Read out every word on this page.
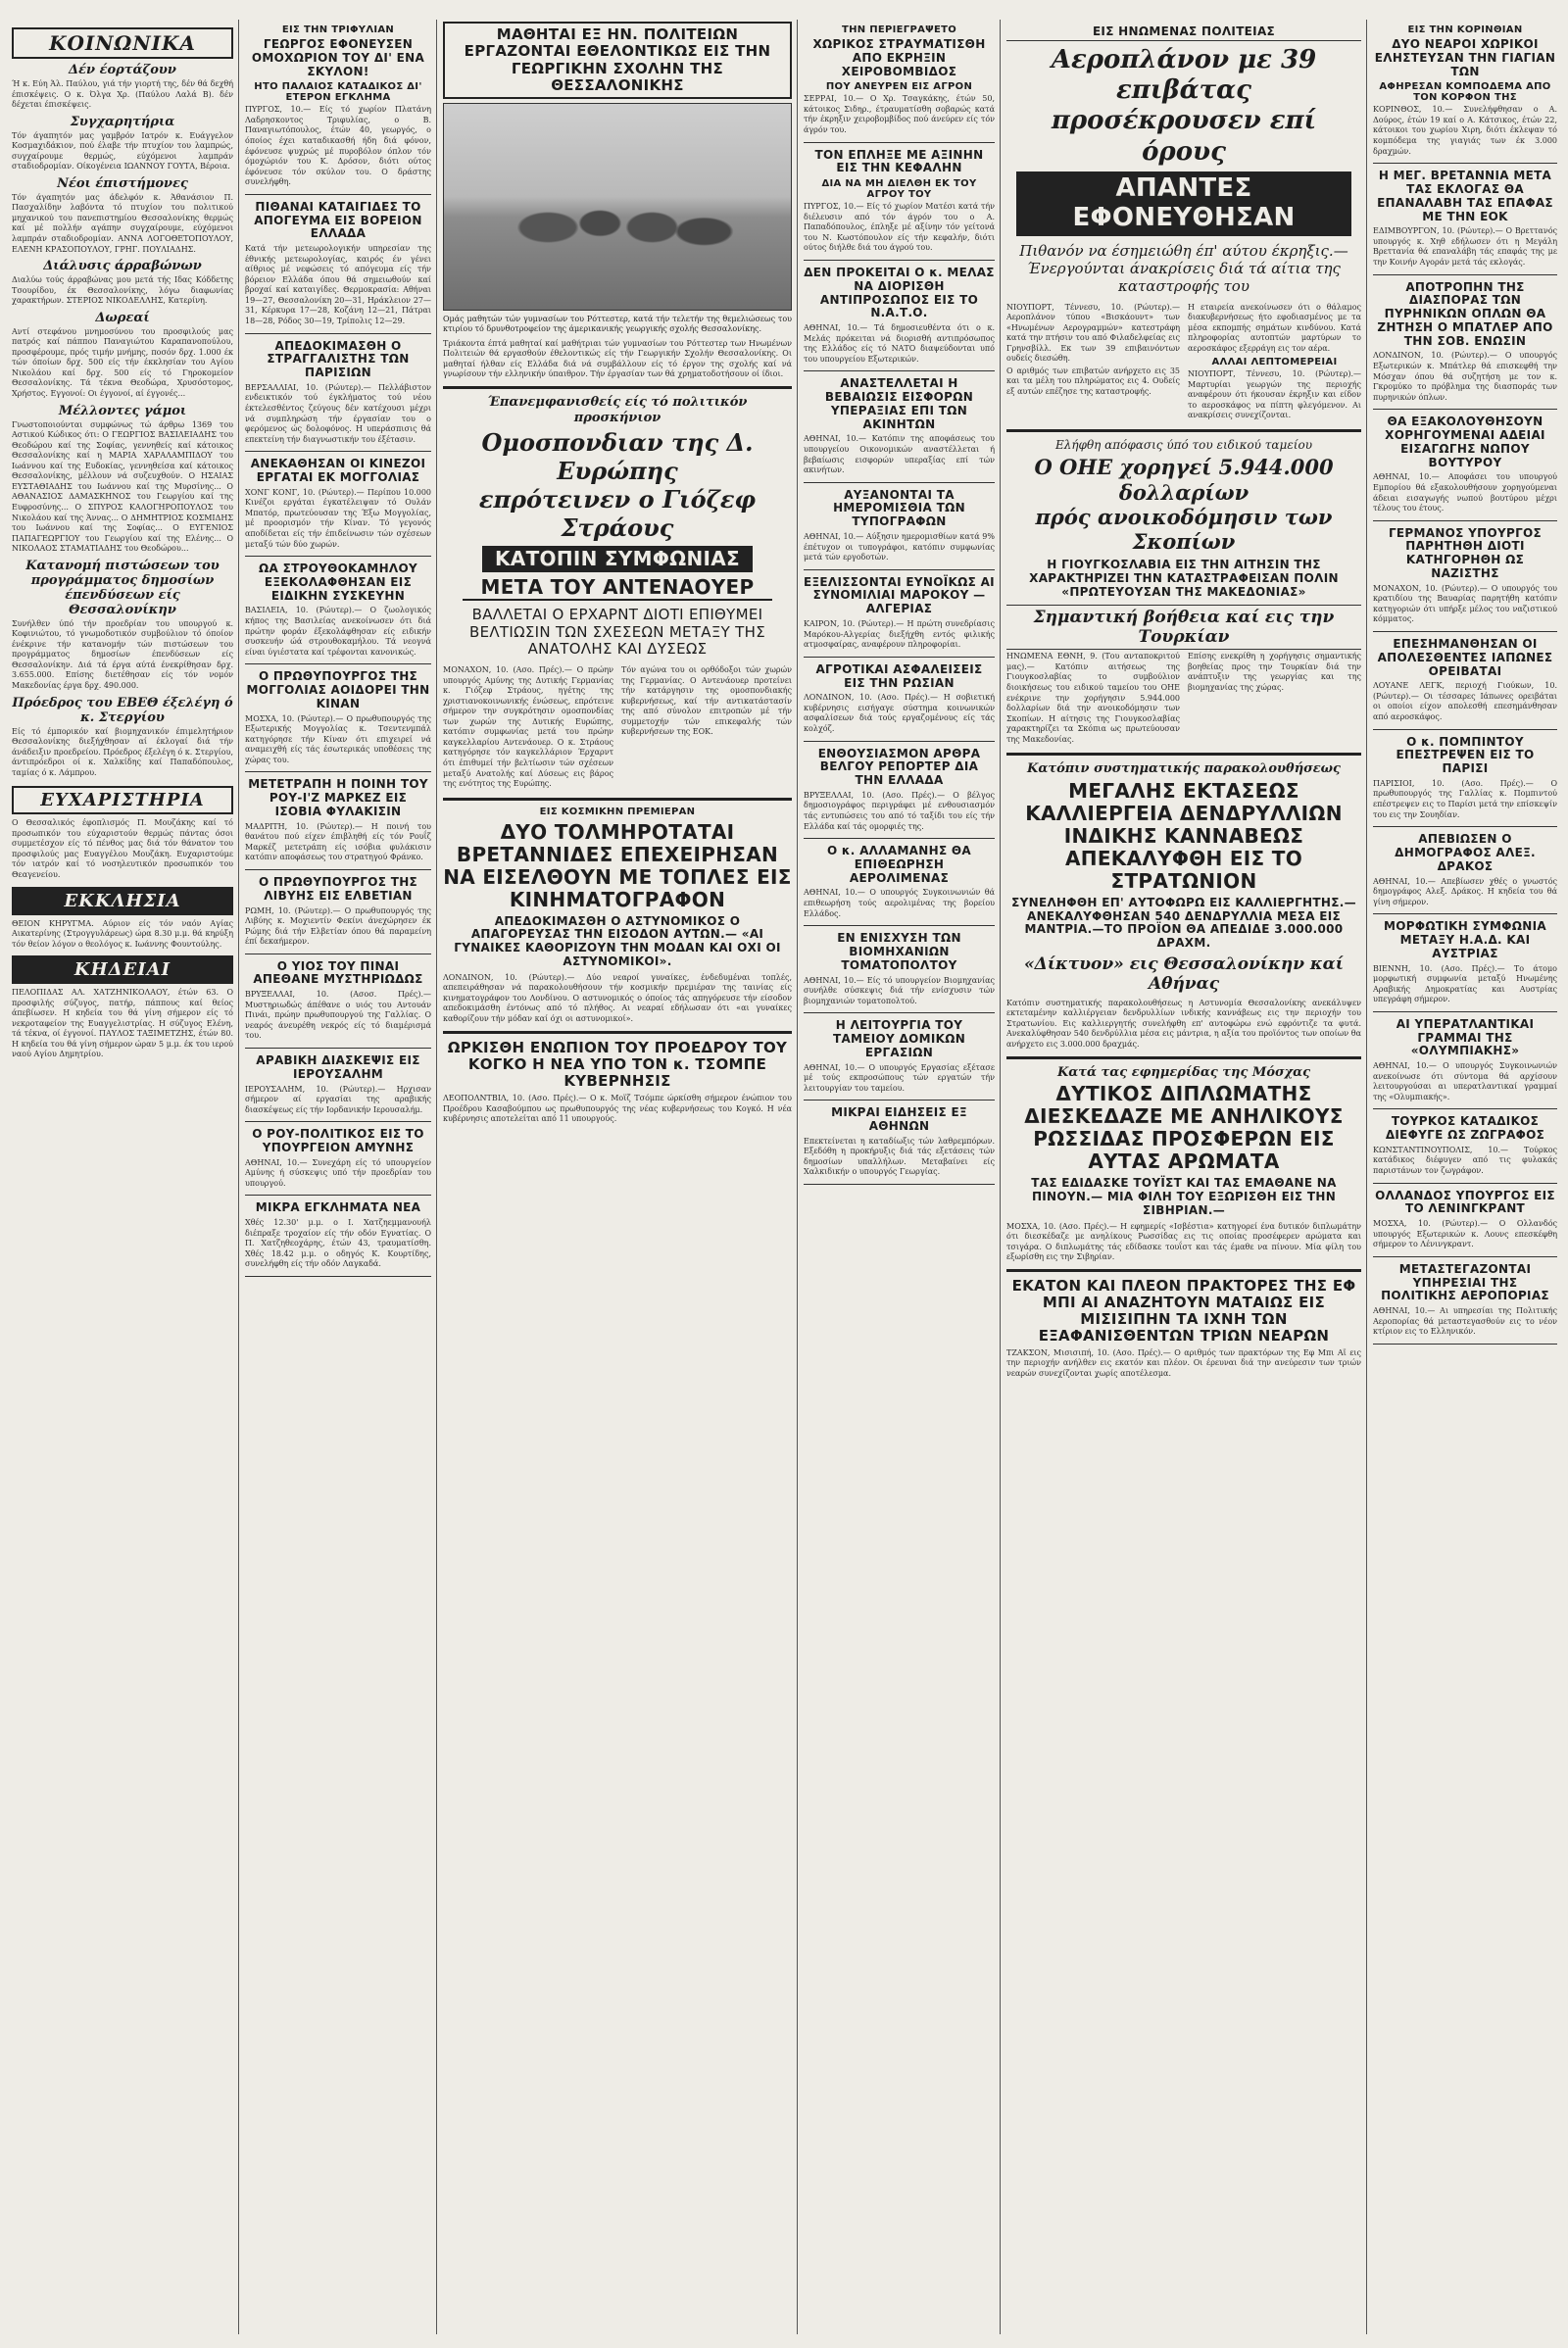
ΚΟΙΝΩΝΙΚΑ
Δέν έορτάζουν
Ή κ. Εύη Άλ. Παύλου, γιά τήν γιορτή της, δέν θά δεχθή έπισκέψεις. Ο κ. Όλγα Χρ. (Παύλου Λαλά Β). δέν δέχεται έπισκέψεις.
Συγχαρητήρια
Τόν άγαπητόν μας γαμβρόν Ιατρόν κ. Ευάγγελον Κοσμαχιδάκιον, πού έλαβε τήν πτυχίον του λαμπρώς, συγχαίρουμε θερμώς, εύχόμενοι λαμπράν σταδιοδρομίαν. Οίκογένεια ΙΩΑΝΝΟΥ ΓΟΥΤΑ, Βέροια.
Νέοι έπιστήμονες
Τόν άγαπητόν μας άδελφόν κ. Άθανάσιον Π. Πασχαλίδην λαβόντα τό πτυχίον του πολιτικού μηχανικού του πανεπιστημίου Θεσσαλονίκης θερμώς καί μέ πολλήν αγάπην συγχαίρουμε, εύχόμενοι λαμπράν σταδιοδρομίαν. ΑΝΝΑ ΛΟΓΟΘΕΤΟΠΟΥΛΟΥ, ΕΛΕΝΗ ΚΡΑΣΟΠΟΥΛΟΥ, ΓΡΗΓ. ΠΟΥΛΙΑΔΗΣ.
Διάλυσις άρραβώνων
Διαλύω τούς άρραβώνας μου μετά τής Ιδας Κόδδετης Τσουρίδου, έκ Θεσσαλονίκης, λόγω διαφωνίας χαρακτήρων. ΣΤΕΡΙΟΣ ΝΙΚΟΔΕΛΛΗΣ, Κατερίνη.
Δωρεαί
Αντί στεφάνου μνημοσύνου του προσφιλούς μας πατρός καί πάππου Παναγιώτου Καραπανοπούλου, προσφέρουμε, πρός τιμήν μνήμης, ποσόν δρχ. 1.000 έκ τών όποίων δρχ. 500 είς τήν έκκλησίαν του Αγίου Νικολάου καί δρχ. 500 είς τό Γηροκομείον Θεσσαλονίκης. Τά τέκνα Θεοδώρα, Χρυσόστομος, Χρήστος. Εγγονοί: Οι έγγονοί, αί έγγονές...
Μέλλοντες γάμοι
Γνωστοποιούνται συμφώνως τώ άρθρω 1369 του Αστικού Κώδικος ότι: Ο ΓΕΩΡΓΙΟΣ ΒΑΣΙΛΕΙΑΔΗΣ του Θεοδώρου καί της Σοφίας, γεννηθείς καί κάτοικος Θεσσαλονίκης καί η ΜΑΡΙΑ ΧΑΡΑΛΑΜΠΙΔΟΥ του Ιωάννου καί της Ευδοκίας, γεννηθείσα καί κάτοικος Θεσσαλονίκης, μέλλουν νά συζευχθούν. Ο ΗΣΑΙΑΣ ΕΥΣΤΑΘΙΑΔΗΣ του Ιωάννου καί της Μυρσίνης... Ο ΑΘΑΝΑΣΙΟΣ ΔΑΜΑΣΚΗΝΟΣ του Γεωργίου καί της Ευφροσύνης... Ο ΣΠΥΡΟΣ ΚΑΛΟΓΗΡΟΠΟΥΛΟΣ του Νικολάου καί της Άννας... Ο ΔΗΜΗΤΡΙΟΣ ΚΟΣΜΙΔΗΣ του Ιωάννου καί της Σοφίας... Ο ΕΥΓΕΝΙΟΣ ΠΑΠΑΓΕΩΡΓΙΟΥ του Γεωργίου καί της Ελένης... Ο ΝΙΚΟΛΑΟΣ ΣΤΑΜΑΤΙΑΔΗΣ του Θεοδώρου...
Κατανομή πιστώσεων του προγράμματος δημοσίων έπενδύσεων είς Θεσσαλονίκην
Συνήλθεν ύπό τήν προεδρίαν του υπουργού κ. Κοφινιώτου, τό γνωμοδοτικόν συμβούλιον τό όποίον ένέκρινε τήν κατανομήν τών πιστώσεων του προγράμματος δημοσίων έπενδύσεων είς Θεσσαλονίκην. Διά τά έργα αύτά ένεκρίθησαν δρχ. 3.655.000. Επίσης διετέθησαν είς τόν νομόν Μακεδονίας έργα δρχ. 490.000.
Πρόεδρος του ΕΒΕΘ έξελέγη ό κ. Στεργίου
Είς τό έμπορικόν καί βιομηχανικόν έπιμελητήριον Θεσσαλονίκης διεξήχθησαν αί έκλογαί διά τήν άνάδειξιν προεδρείου. Πρόεδρος έξελέγη ό κ. Στεργίου, άντιπρόεδροι οί κ. Χαλκίδης καί Παπαδόπουλος, ταμίας ό κ. Λάμπρου.
ΕΥΧΑΡΙΣΤΗΡΙΑ
Ο Θεσσαλικός έφοπλισμός Π. Μουζάκης καί τό προσωπικόν του εύχαριστούν θερμώς πάντας όσοι συμμετέσχον είς τό πένθος μας διά τόν θάνατον του προσφιλούς μας Ευαγγέλου Μουζάκη. Ευχαριστούμε τόν ιατρόν καί τό νοσηλευτικόν προσωπικόν του Θεαγενείου.
ΕΚΚΛΗΣΙΑ
ΘΕΙΟΝ ΚΗΡΥΓΜΑ. Αύριον είς τόν ναόν Αγίας Αικατερίνης (Στρογγυλάρεως) ώρα 8.30 μ.μ. θά κηρύξη τόν θείον λόγον ο θεολόγος κ. Ιωάννης Φουντούλης.
ΚΗΔΕΙΑΙ
ΠΕΛΟΠΙΔΑΣ ΑΛ. ΧΑΤΖΗΝΙΚΟΛΑΟΥ, έτών 63. Ο προσφιλής σύζυγος, πατήρ, πάππους καί θείος άπεβίωσεν. Η κηδεία του θά γίνη σήμερον είς τό νεκροταφείον της Ευαγγελιστρίας. Η σύζυγος Ελένη, τά τέκνα, οί έγγονοί. ΠΑΥΛΟΣ ΤΑΞΙΜΕΤΖΗΣ, έτών 80. Η κηδεία του θά γίνη σήμερον ώραν 5 μ.μ. έκ του ιερού ναού Αγίου Δημητρίου.
ΕΙΣ ΤΗΝ ΤΡΙΦΥΛΙΑΝ
ΓΕΩΡΓΟΣ ΕΦΟΝΕΥΣΕΝ ΟΜΟΧΩΡΙΟΝ ΤΟΥ ΔΙ' ΕΝΑ ΣΚΥΛΟΝ!
ΗΤΟ ΠΑΛΑΙΟΣ ΚΑΤΑΔΙΚΟΣ ΔΙ' ΕΤΕΡΟΝ ΕΓΚΛΗΜΑ
ΠΥΡΓΟΣ, 10.— Είς τό χωρίον Πλατάνη Λαδρησκοντος Τριφυλίας, ο Β. Παναγιωτόπουλος, έτών 40, γεωργός, ο όποίος έχει καταδικασθή ήδη διά φόνον, έφόνευσε ψυχρώς μέ πυροβόλον όπλον τόν όμοχώριόν του Κ. Δρόσον, διότι ούτος έφόνευσε τόν σκύλον του. Ο δράστης συνελήφθη.
ΠΙΘΑΝΑΙ ΚΑΤΑΙΓΙΔΕΣ ΤΟ ΑΠΟΓΕΥΜΑ ΕΙΣ ΒΟΡΕΙΟΝ ΕΛΛΑΔΑ
Κατά τήν μετεωρολογικήν υπηρεσίαν της έθνικής μετεωρολογίας, καιρός έν γένει αίθριος μέ νεφώσεις τό απόγευμα είς τήν βόρειον Ελλάδα όπου θά σημειωθούν καί βροχαί καί καταιγίδες. Θερμοκρασία: Αθήναι 19—27, Θεσσαλονίκη 20—31, Ηράκλειον 27—31, Κέρκυρα 17—28, Κοζάνη 12—21, Πάτραι 18—28, Ρόδος 30—19, Τρίπολις 12—29.
ΑΠΕΔΟΚΙΜΑΣΘΗ Ο ΣΤΡΑΓΓΑΛΙΣΤΗΣ ΤΩΝ ΠΑΡΙΣΙΩΝ
ΒΕΡΣΑΛΛΙΑΙ, 10. (Ρώυτερ).— Πελλάβιστον ενδεικτικόν τού έγκλήματος τού νέου έκτελεσθέντος ζεύγους δέν κατέχουσι μέχρι νά συμπληρώση τήν έργασίαν του ο φερόμενος ώς δολοφόνος. Η υπεράσπισις θά επεκτείνη τήν διαγνωστικήν του έξέτασιν.
ΑΝΕΚΑΘΗΣΑΝ ΟΙ ΚΙΝΕΖΟΙ ΕΡΓΑΤΑΙ ΕΚ ΜΟΓΓΟΛΙΑΣ
ΧΟΝΓ ΚΟΝΓ, 10. (Ρώυτερ).— Περίπου 10.000 Κινέζοι εργάται έγκατέλειψαν τό Ουλάν Μπατόρ, πρωτεύουσαν της Έξω Μογγολίας, μέ προορισμόν τήν Κίναν. Τό γεγονός αποδίδεται είς τήν έπιδείνωσιν τών σχέσεων μεταξύ τών δύο χωρών.
ΩΑ ΣΤΡΟΥΘΟΚΑΜΗΛΟΥ ΕΞΕΚΟΛΑΦΘΗΣΑΝ ΕΙΣ ΕΙΔΙΚΗΝ ΣΥΣΚΕΥΗΝ
ΒΑΣΙΛΕΙΑ, 10. (Ρώυτερ).— Ο ζωολογικός κήπος της Βασιλείας ανεκοίνωσεν ότι διά πρώτην φοράν έξεκολάφθησαν είς ειδικήν συσκευήν ώά στρουθοκαμήλου. Τά νεογνά είναι ύγιέστατα καί τρέφονται κανονικώς.
Ο ΠΡΩΘΥΠΟΥΡΓΟΣ ΤΗΣ ΜΟΓΓΟΛΙΑΣ ΑΟΙΔΟΡΕΙ ΤΗΝ ΚΙΝΑΝ
ΜΟΣΧΑ, 10. (Ρώυτερ).— Ο πρωθυπουργός της Εξωτερικής Μογγολίας κ. Τσεντενμπάλ κατηγόρησε τήν Κίναν ότι επιχειρεί νά αναμειχθή είς τάς έσωτερικάς υποθέσεις της χώρας του.
ΜΕΤΕΤΡΑΠΗ Η ΠΟΙΝΗ ΤΟΥ ΡΟΥ-Ι'Ζ ΜΑΡΚΕΖ ΕΙΣ ΙΣΟΒΙΑ ΦΥΛΑΚΙΣΙΝ
ΜΑΔΡΙΤΗ, 10. (Ρώυτερ).— Η ποινή του θανάτου πού είχεν έπιβληθή είς τόν Ρουΐζ Μαρκέζ μετετράπη είς ισόβια φυλάκισιν κατόπιν αποφάσεως του στρατηγού Φράνκο.
Ο ΠΡΩΘΥΠΟΥΡΓΟΣ ΤΗΣ ΛΙΒΥΗΣ ΕΙΣ ΕΛΒΕΤΙΑΝ
ΡΩΜΗ, 10. (Ρώυτερ).— Ο πρωθυπουργός της Λιβύης κ. Μοχιεντίν Φεκίνι άνεχώρησεν έκ Ρώμης διά τήν Ελβετίαν όπου θά παραμείνη έπί δεκαήμερον.
Ο ΥΙΟΣ ΤΟΥ ΠΙΝΑΙ ΑΠΕΘΑΝΕ ΜΥΣΤΗΡΙΩΔΩΣ
ΒΡΥΞΕΛΛΑΙ, 10. (Ασοσ. Πρές).— Μυστηριωδώς άπέθανε ο υιός του Αντουάν Πινάι, πρώην πρωθυπουργού της Γαλλίας. Ο νεαρός άνευρέθη νεκρός είς τό διαμέρισμά του.
ΑΡΑΒΙΚΗ ΔΙΑΣΚΕΨΙΣ ΕΙΣ ΙΕΡΟΥΣΑΛΗΜ
ΙΕΡΟΥΣΑΛΗΜ, 10. (Ρώυτερ).— Ηρχισαν σήμερον αί εργασίαι της αραβικής διασκέψεως είς τήν Ιορδανικήν Ιερουσαλήμ.
Ο ΡΟΥ-ΠΟΛΙΤΙΚΟΣ ΕΙΣ ΤΟ ΥΠΟΥΡΓΕΙΟΝ ΑΜΥΝΗΣ
ΑΘΗΝΑΙ, 10.— Συνεχάρη είς τό υπουργείον Αμύνης ή σύσκεψις υπό τήν προεδρίαν του υπουργού.
ΜΙΚΡΑ ΕΓΚΛΗΜΑΤΑ ΝΕΑ
Χθές 12.30' μ.μ. ο Ι. Χατζηεμμανουήλ διέπραξε τροχαίον είς τήν οδόν Εγνατίας. Ο Π. Χατζηθεοχάρης, έτών 43, τραυματίσθη. Χθές 18.42 μ.μ. ο οδηγός Κ. Κουρτίδης, συνελήφθη είς τήν οδόν Λαγκαδά.
ΜΑΘΗΤΑΙ ΕΞ ΗΝ. ΠΟΛΙΤΕΙΩΝ ΕΡΓΑΖΟΝΤΑΙ ΕΘΕΛΟΝΤΙΚΩΣ ΕΙΣ ΤΗΝ ΓΕΩΡΓΙΚΗΝ ΣΧΟΛΗΝ ΤΗΣ ΘΕΣΣΑΛΟΝΙΚΗΣ
Ομάς μαθητών τών γυμνασίων του Ρόττεστερ, κατά τήν τελετήν της θεμελιώσεως του κτιρίου τό δρυνθοτροφείον της άμερικανικής γεωργικής σχολής Θεσσαλονίκης.
Τριάκοντα έπτά μαθηταί καί μαθήτριαι τών γυμνασίων του Ρόττεστερ των Ηνωμένων Πολιτειών θά εργασθούν έθελοντικώς είς τήν Γεωργικήν Σχολήν Θεσσαλονίκης. Οι μαθηταί ήλθαν είς Ελλάδα διά νά συμβάλλουν είς τό έργον της σχολής καί νά γνωρίσουν τήν ελληνικήν ύπαιθρον. Τήν έργασίαν των θά χρηματοδοτήσουν οί ίδιοι.
Έπανεμφανισθείς είς τό πολιτικόν προσκήνιον
Ομοσπονδιαν της Δ. Ευρώπης
επρότεινεν ο Γιόζεφ Στράους
ΚΑΤΟΠΙΝ ΣΥΜΦΩΝΙΑΣ
ΜΕΤΑ ΤΟΥ ΑΝΤΕΝΑΟΥΕΡ
ΒΑΛΛΕΤΑΙ Ο ΕΡΧΑΡΝΤ ΔΙΟΤΙ ΕΠΙΘΥΜΕΙ ΒΕΛΤΙΩΣΙΝ ΤΩΝ ΣΧΕΣΕΩΝ ΜΕΤΑΞΥ ΤΗΣ ΑΝΑΤΟΛΗΣ ΚΑΙ ΔΥΣΕΩΣ
ΜΟΝΑΧΟΝ, 10. (Ασο. Πρές).— Ο πρώην υπουργός Αμύνης της Δυτικής Γερμανίας κ. Γιόζεφ Στράους, ηγέτης της χριστιανοκοινωνικής ένώσεως, επρότεινε σήμερον την συγκρότησιν ομοσπονδίας των χωρών της Δυτικής Ευρώπης, κατόπιν συμφωνίας μετά του πρώην καγκελλαρίου Αντενάουερ. Ο κ. Στράους κατηγόρησε τόν καγκελλάριον Έρχαρντ ότι έπιθυμεί τήν βελτίωσιν τών σχέσεων μεταξύ Ανατολής καί Δύσεως εις βάρος της ενότητος της Ευρώπης.
Τόν αγώνα του οι ορθόδοξοι τών χωρών της Γερμανίας. Ο Αντενάουερ προτείνει τήν κατάργησιν της ομοσπονδιακής κυβερνήσεως, καί τήν αντικατάστασίν της από σύνολον επιτροπών μέ τήν συμμετοχήν τών επικεφαλής τών κυβερνήσεων της ΕΟΚ.
ΕΙΣ ΚΟΣΜΙΚΗΝ ΠΡΕΜΙΕΡΑΝ
ΔΥΟ ΤΟΛΜΗΡΟΤΑΤΑΙ ΒΡΕΤΑΝΝΙΔΕΣ ΕΠΕΧΕΙΡΗΣΑΝ ΝΑ ΕΙΣΕΛΘΟΥΝ ΜΕ ΤΟΠΛΕΣ ΕΙΣ ΚΙΝΗΜΑΤΟΓΡΑΦΟΝ
ΑΠΕΔΟΚΙΜΑΣΘΗ Ο ΑΣΤΥΝΟΜΙΚΟΣ Ο ΑΠΑΓΟΡΕΥΣΑΣ ΤΗΝ ΕΙΣΟΔΟΝ ΑΥΤΩΝ.— «ΑΙ ΓΥΝΑΙΚΕΣ ΚΑΘΟΡΙΖΟΥΝ ΤΗΝ ΜΟΔΑΝ ΚΑΙ ΟΧΙ ΟΙ ΑΣΤΥΝΟΜΙΚΟΙ».
ΛΟΝΔΙΝΟΝ, 10. (Ρώυτερ).— Δύο νεαροί γυναίκες, ένδεδυμέναι τοπλές, απεπειράθησαν νά παρακολουθήσουν τήν κοσμικήν πρεμιέραν της ταινίας είς κινηματογράφον του Λονδίνου. Ο αστυνομικός ο όποίος τάς απηγόρευσε τήν είσοδον απεδοκιμάσθη έντόνως από τό πλήθος. Αι νεαραί εδήλωσαν ότι «αι γυναίκες καθορίζουν τήν μόδαν καί όχι οι αστυνομικοί».
ΩΡΚΙΣΘΗ ΕΝΩΠΙΟΝ ΤΟΥ ΠΡΟΕΔΡΟΥ ΤΟΥ ΚΟΓΚΟ Η ΝΕΑ ΥΠΟ ΤΟΝ κ. ΤΣΟΜΠΕ ΚΥΒΕΡΝΗΣΙΣ
ΛΕΟΠΟΛΝΤΒΙΛ, 10. (Ασο. Πρές).— Ο κ. Μοΐζ Τσόμπε ώρκίσθη σήμερον ένώπιον του Προέδρου Κασαβούμπου ως πρωθυπουργός της νέας κυβερνήσεως του Κογκό. Η νέα κυβέρνησις αποτελείται από 11 υπουργούς.
ΤΗΝ ΠΕΡΙΕΓΡΑΨΕΤΟ
ΧΩΡΙΚΟΣ ΣΤΡΑΥΜΑΤΙΣΘΗ ΑΠΟ ΕΚΡΗΞΙΝ ΧΕΙΡΟΒΟΜΒΙΔΟΣ
ΠΟΥ ΑΝΕΥΡΕΝ ΕΙΣ ΑΓΡΟΝ
ΣΕΡΡΑΙ, 10.— Ο Χρ. Τσαγκάκης, έτών 50, κάτοικος Σιδηρ., έτραυματίσθη σοβαρώς κατά τήν έκρηξιν χειροβομβίδος πού άνεύρεν είς τόν άγρόν του.
ΤΟΝ ΕΠΛΗΞΕ ΜΕ ΑΞΙΝΗΝ ΕΙΣ ΤΗΝ ΚΕΦΑΛΗΝ
ΔΙΑ ΝΑ ΜΗ ΔΙΕΛΘΗ ΕΚ ΤΟΥ ΑΓΡΟΥ ΤΟΥ
ΠΥΡΓΟΣ, 10.— Είς τό χωρίον Ματέσι κατά τήν διέλευσιν από τόν άγρόν του ο Α. Παπαδόπουλος, έπληξε μέ αξίνην τόν γείτονά του Ν. Κωστόπουλον είς τήν κεφαλήν, διότι ούτος διήλθε διά του άγρού του.
ΔΕΝ ΠΡΟΚΕΙΤΑΙ Ο κ. ΜΕΛΑΣ ΝΑ ΔΙΟΡΙΣΘΗ ΑΝΤΙΠΡΟΣΩΠΟΣ ΕΙΣ ΤΟ Ν.Α.Τ.Ο.
ΑΘΗΝΑΙ, 10.— Τά δημοσιευθέντα ότι ο κ. Μελάς πρόκειται νά διορισθή αντιπρόσωπος της Ελλάδος είς τό ΝΑΤΟ διαψεύδονται υπό του υπουργείου Εξωτερικών.
ΑΝΑΣΤΕΛΛΕΤΑΙ Η ΒΕΒΑΙΩΣΙΣ ΕΙΣΦΟΡΩΝ ΥΠΕΡΑΞΙΑΣ ΕΠΙ ΤΩΝ ΑΚΙΝΗΤΩΝ
ΑΘΗΝΑΙ, 10.— Κατόπιν της αποφάσεως του υπουργείου Οικονομικών αναστέλλεται ή βεβαίωσις εισφορών υπεραξίας επί τών ακινήτων.
ΑΥΞΑΝΟΝΤΑΙ ΤΑ ΗΜΕΡΟΜΙΣΘΙΑ ΤΩΝ ΤΥΠΟΓΡΑΦΩΝ
ΑΘΗΝΑΙ, 10.— Αύξησιν ημερομισθίων κατά 9% έπέτυχον οι τυπογράφοι, κατόπιν συμφωνίας μετά τών εργοδοτών.
ΕΞΕΛΙΣΣΟΝΤΑΙ ΕΥΝΟΪΚΩΣ ΑΙ ΣΥΝΟΜΙΛΙΑΙ ΜΑΡΟΚΟΥ — ΑΛΓΕΡΙΑΣ
ΚΑΪΡΟΝ, 10. (Ρώυτερ).— Η πρώτη συνεδρίασις Μαρόκου-Αλγερίας διεξήχθη εντός φιλικής ατμοσφαίρας, αναφέρουν πληροφορίαι.
ΑΓΡΟΤΙΚΑΙ ΑΣΦΑΛΕΙΣΕΙΣ ΕΙΣ ΤΗΝ ΡΩΣΙΑΝ
ΛΟΝΔΙΝΟΝ, 10. (Ασο. Πρές).— Η σοβιετική κυβέρνησις εισήγαγε σύστημα κοινωνικών ασφαλίσεων διά τούς εργαζομένους είς τάς κολχόζ.
ΕΝΘΟΥΣΙΑΣΜΟΝ ΑΡΘΡΑ ΒΕΛΓΟΥ ΡΕΠΟΡΤΕΡ ΔΙΑ ΤΗΝ ΕΛΛΑΔΑ
ΒΡΥΞΕΛΛΑΙ, 10. (Ασο. Πρές).— Ο βέλγος δημοσιογράφος περιγράφει μέ ενθουσιασμόν τάς εντυπώσεις του από τό ταξίδι του είς τήν Ελλάδα καί τάς ομορφιές της.
Ο κ. ΑΛΛΑΜΑΝΗΣ ΘΑ ΕΠΙΘΕΩΡΗΣΗ ΑΕΡΟΛΙΜΕΝΑΣ
ΑΘΗΝΑΙ, 10.— Ο υπουργός Συγκοινωνιών θά επιθεωρήση τούς αερολιμένας της βορείου Ελλάδος.
ΕΝ ΕΝΙΣΧΥΣΗ ΤΩΝ ΒΙΟΜΗΧΑΝΙΩΝ ΤΟΜΑΤΟΠΟΛΤΟΥ
ΑΘΗΝΑΙ, 10.— Είς τό υπουργείον Βιομηχανίας συνήλθε σύσκεψις διά τήν ενίσχυσιν τών βιομηχανιών τοματοπολτού.
Η ΛΕΙΤΟΥΡΓΙΑ ΤΟΥ ΤΑΜΕΙΟΥ ΔΟΜΙΚΩΝ ΕΡΓΑΣΙΩΝ
ΑΘΗΝΑΙ, 10.— Ο υπουργός Εργασίας εξέτασε μέ τούς εκπροσώπους τών εργατών τήν λειτουργίαν του ταμείου.
ΜΙΚΡΑΙ ΕΙΔΗΣΕΙΣ ΕΞ ΑΘΗΝΩΝ
Επεκτείνεται η καταδίωξις τών λαθρεμπόρων. Εξεδόθη η προκήρυξις διά τάς εξετάσεις τών δημοσίων υπαλλήλων. Μεταβαίνει είς Χαλκιδικήν ο υπουργός Γεωργίας.
ΕΙΣ ΗΝΩΜΕΝΑΣ ΠΟΛΙΤΕΙΑΣ
Αεροπλάνον με 39 επιβάτας
προσέκρουσεν επί όρους
ΑΠΑΝΤΕΣ ΕΦΟΝΕΥΘΗΣΑΝ
Πιθανόν να έσημειώθη έπ' αύτου έκρηξις.—Ένεργούνται άνακρίσεις διά τά αίτια της καταστροφής του
ΝΙΟΥΠΟΡΤ, Τέννεσυ, 10. (Ρώυτερ).— Αεροπλάνον τύπου «Βισκάουντ» των «Ηνωμένων Αερογραμμών» κατεστράφη κατά την πτήσιν του από Φιλαδελφείας εις Γρηνσβίλλ. Εκ των 39 επιβαινόντων ουδείς διεσώθη.
Ο αριθμός των επιβατών ανήρχετο εις 35 και τα μέλη του πληρώματος εις 4. Ουδείς εξ αυτών επέζησε της καταστροφής.
Η εταιρεία ανεκοίνωσεν ότι ο θάλαμος διακυβερνήσεως ήτο εφοδιασμένος με τα μέσα εκπομπής σημάτων κινδύνου. Κατά πληροφορίας αυτοπτών μαρτύρων το αεροσκάφος εξερράγη εις τον αέρα.
ΑΛΛΑΙ ΛΕΠΤΟΜΕΡΕΙΑΙ
ΝΙΟΥΠΟΡΤ, Τέννεσυ, 10. (Ρώυτερ).— Μαρτυρίαι γεωργών της περιοχής αναφέρουν ότι ήκουσαν έκρηξιν και είδον το αεροσκάφος να πίπτη φλεγόμενον. Αι ανακρίσεις συνεχίζονται.
Ελήφθη απόφασις ύπό του ειδικού ταμείου
Ο ΟΗΕ χορηγεί 5.944.000 δολλαρίων
πρός ανοικοδόμησιν των Σκοπίων
Η ΓΙΟΥΓΚΟΣΛΑΒΙΑ ΕΙΣ ΤΗΝ ΑΙΤΗΣΙΝ ΤΗΣ ΧΑΡΑΚΤΗΡΙΖΕΙ ΤΗΝ ΚΑΤΑΣΤΡΑΦΕΙΣΑΝ ΠΟΛΙΝ «ΠΡΩΤΕΥΟΥΣΑΝ ΤΗΣ ΜΑΚΕΔΟΝΙΑΣ»
Σημαντική βοήθεια καί εις την Τουρκίαν
ΗΝΩΜΕΝΑ ΕΘΝΗ, 9. (Του ανταποκριτού μας).— Κατόπιν αιτήσεως της Γιουγκοσλαβίας το συμβούλιον διοικήσεως του ειδικού ταμείου του ΟΗΕ ενέκρινε την χορήγησιν 5.944.000 δολλαρίων διά την ανοικοδόμησιν των Σκοπίων. Η αίτησις της Γιουγκοσλαβίας χαρακτηρίζει τα Σκόπια ως πρωτεύουσαν της Μακεδονίας.
Επίσης ενεκρίθη η χορήγησις σημαντικής βοηθείας προς την Τουρκίαν διά την ανάπτυξιν της γεωργίας και της βιομηχανίας της χώρας.
Κατόπιν συστηματικής παρακολουθήσεως
ΜΕΓΑΛΗΣ ΕΚΤΑΣΕΩΣ ΚΑΛΛΙΕΡΓΕΙΑ ΔΕΝΔΡΥΛΛΙΩΝ ΙΝΔΙΚΗΣ ΚΑΝΝΑΒΕΩΣ ΑΠΕΚΑΛΥΦΘΗ ΕΙΣ ΤΟ ΣΤΡΑΤΩΝΙΟΝ
ΣΥΝΕΛΗΦΘΗ ΕΠ' ΑΥΤΟΦΩΡΩ ΕΙΣ ΚΑΛΛΙΕΡΓΗΤΗΣ.— ΑΝΕΚΑΛΥΦΘΗΣΑΝ 540 ΔΕΝΔΡΥΛΛΙΑ ΜΕΣΑ ΕΙΣ ΜΑΝΤΡΙΑ.—ΤΟ ΠΡΟΪΟΝ ΘΑ ΑΠΕΔΙΔΕ 3.000.000 ΔΡΑΧΜ.
«Δίκτυον» εις Θεσσαλονίκην καί Αθήνας
Κατόπιν συστηματικής παρακολουθήσεως η Αστυνομία Θεσσαλονίκης ανεκάλυψεν εκτεταμένην καλλιέργειαν δενδρυλλίων ινδικής καννάβεως εις την περιοχήν του Στρατωνίου. Εις καλλιεργητής συνελήφθη επ' αυτοφώρω ενώ εφρόντιζε τα φυτά. Ανεκαλύφθησαν 540 δενδρύλλια μέσα εις μάντρια, η αξία του προϊόντος των οποίων θα ανήρχετο εις 3.000.000 δραχμάς.
Κατά τας εφημερίδας της Μόσχας
ΔΥΤΙΚΟΣ ΔΙΠΛΩΜΑΤΗΣ ΔΙΕΣΚΕΔΑΖΕ ΜΕ ΑΝΗΛΙΚΟΥΣ ΡΩΣΣΙΔΑΣ ΠΡΟΣΦΕΡΩΝ ΕΙΣ ΑΥΤΑΣ ΑΡΩΜΑΤΑ
ΤΑΣ ΕΔΙΔΑΣΚΕ ΤΟΥΪΣΤ ΚΑΙ ΤΑΣ ΕΜΑΘΑΝΕ ΝΑ ΠΙΝΟΥΝ.— ΜΙΑ ΦΙΛΗ ΤΟΥ ΕΞΩΡΙΣΘΗ ΕΙΣ ΤΗΝ ΣΙΒΗΡΙΑΝ.—
ΜΟΣΧΑ, 10. (Ασο. Πρές).— Η εφημερίς «Ισβέστια» κατηγορεί ένα δυτικόν διπλωμάτην ότι διεσκέδαζε με ανηλίκους Ρωσσίδας εις τις οποίας προσέφερεν αρώματα και τσιγάρα. Ο διπλωμάτης τάς εδίδασκε τουΐστ και τάς έμαθε να πίνουν. Μία φίλη του εξωρίσθη εις την Σιβηρίαν.
ΕΚΑΤΟΝ ΚΑΙ ΠΛΕΟΝ ΠΡΑΚΤΟΡΕΣ ΤΗΣ ΕΦ ΜΠΙ ΑΙ ΑΝΑΖΗΤΟΥΝ ΜΑΤΑΙΩΣ ΕΙΣ ΜΙΣΙΣΙΠΗΝ ΤΑ ΙΧΝΗ ΤΩΝ ΕΞΑΦΑΝΙΣΘΕΝΤΩΝ ΤΡΙΩΝ ΝΕΑΡΩΝ
ΤΖΑΚΣΟΝ, Μισισιπή, 10. (Ασο. Πρές).— Ο αριθμός των πρακτόρων της Εφ Μπι Αϊ εις την περιοχήν ανήλθεν εις εκατόν και πλέον. Οι έρευναι διά την ανεύρεσιν των τριών νεαρών συνεχίζονται χωρίς αποτέλεσμα.
ΕΙΣ ΤΗΝ ΚΟΡΙΝΘΙΑΝ
ΔΥΟ ΝΕΑΡΟΙ ΧΩΡΙΚΟΙ ΕΛΗΣΤΕΥΣΑΝ ΤΗΝ ΓΙΑΓΙΑΝ ΤΩΝ
ΑΦΗΡΕΣΑΝ ΚΟΜΠΟΔΕΜΑ ΑΠΟ ΤΟΝ ΚΟΡΦΟΝ ΤΗΣ
ΚΟΡΙΝΘΟΣ, 10.— Συνελήφθησαν ο Α. Δούρος, έτών 19 καί ο Α. Κάτσικος, έτών 22, κάτοικοι του χωρίου Χιρη, διότι έκλεψαν τό κομπόδεμα της γιαγιάς των έκ 3.000 δραχμών.
Η ΜΕΓ. ΒΡΕΤΑΝΝΙΑ ΜΕΤΑ ΤΑΣ ΕΚΛΟΓΑΣ ΘΑ ΕΠΑΝΑΛΑΒΗ ΤΑΣ ΕΠΑΦΑΣ ΜΕ ΤΗΝ ΕΟΚ
ΕΔΙΜΒΟΥΡΓΟΝ, 10. (Ρώυτερ).— Ο Βρεττανός υπουργός κ. Χηθ εδήλωσεν ότι η Μεγάλη Βρεττανία θά επαναλάβη τάς επαφάς της με την Κοινήν Αγοράν μετά τάς εκλογάς.
ΑΠΟΤΡΟΠΗΝ ΤΗΣ ΔΙΑΣΠΟΡΑΣ ΤΩΝ ΠΥΡΗΝΙΚΩΝ ΟΠΛΩΝ ΘΑ ΖΗΤΗΣΗ Ο ΜΠΑΤΛΕΡ ΑΠΟ ΤΗΝ ΣΟΒ. ΕΝΩΣΙΝ
ΛΟΝΔΙΝΟΝ, 10. (Ρώυτερ).— Ο υπουργός Εξωτερικών κ. Μπάτλερ θά επισκεφθή την Μόσχαν όπου θά συζητήση με τον κ. Γκρομύκο το πρόβλημα της διασποράς των πυρηνικών όπλων.
ΘΑ ΕΞΑΚΟΛΟΥΘΗΣΟΥΝ ΧΟΡΗΓΟΥΜΕΝΑΙ ΑΔΕΙΑΙ ΕΙΣΑΓΩΓΗΣ ΝΩΠΟΥ ΒΟΥΤΥΡΟΥ
ΑΘΗΝΑΙ, 10.— Αποφάσει του υπουργού Εμπορίου θά εξακολουθήσουν χορηγούμεναι άδειαι εισαγωγής νωπού βουτύρου μέχρι τέλους του έτους.
ΓΕΡΜΑΝΟΣ ΥΠΟΥΡΓΟΣ ΠΑΡΗΤΗΘΗ ΔΙΟΤΙ ΚΑΤΗΓΟΡΗΘΗ ΩΣ ΝΑΖΙΣΤΗΣ
ΜΟΝΑΧΟΝ, 10. (Ρώυτερ).— Ο υπουργός του κρατιδίου της Βαυαρίας παρητήθη κατόπιν κατηγοριών ότι υπήρξε μέλος του ναζιστικού κόμματος.
ΕΠΕΣΗΜΑΝΘΗΣΑΝ ΟΙ ΑΠΟΛΕΣΘΕΝΤΕΣ ΙΑΠΩΝΕΣ ΟΡΕΙΒΑΤΑΙ
ΛΟΥΑΝΕ ΛΕΓΚ, περιοχή Γιούκων, 10. (Ρώυτερ).— Οι τέσσαρες Ιάπωνες ορειβάται οι οποίοι είχον απολεσθή επεσημάνθησαν από αεροσκάφος.
Ο κ. ΠΟΜΠΙΝΤΟΥ ΕΠΕΣΤΡΕΨΕΝ ΕΙΣ ΤΟ ΠΑΡΙΣΙ
ΠΑΡΙΣΙΟΙ, 10. (Ασο. Πρές).— Ο πρωθυπουργός της Γαλλίας κ. Πομπιντού επέστρεψεν εις το Παρίσι μετά την επίσκεψίν του εις την Σουηδίαν.
ΑΠΕΒΙΩΣΕΝ Ο ΔΗΜΟΓΡΑΦΟΣ ΑΛΕΞ. ΔΡΑΚΟΣ
ΑΘΗΝΑΙ, 10.— Απεβίωσεν χθές ο γνωστός δημογράφος Αλεξ. Δράκος. Η κηδεία του θά γίνη σήμερον.
ΜΟΡΦΩΤΙΚΗ ΣΥΜΦΩΝΙΑ ΜΕΤΑΞΥ Η.Α.Δ. ΚΑΙ ΑΥΣΤΡΙΑΣ
ΒΙΕΝΝΗ, 10. (Ασο. Πρές).— Το άτομο μορφωτική συμφωνία μεταξύ Ηνωμένης Αραβικής Δημοκρατίας και Αυστρίας υπεγράφη σήμερον.
ΑΙ ΥΠΕΡΑΤΛΑΝΤΙΚΑΙ ΓΡΑΜΜΑΙ ΤΗΣ «ΟΛΥΜΠΙΑΚΗΣ»
ΑΘΗΝΑΙ, 10.— Ο υπουργός Συγκοινωνιών ανεκοίνωσε ότι σύντομα θά αρχίσουν λειτουργούσαι αι υπερατλαντικαί γραμμαί της «Ολυμπιακής».
ΤΟΥΡΚΟΣ ΚΑΤΑΔΙΚΟΣ ΔΙΕΦΥΓΕ ΩΣ ΖΩΓΡΑΦΟΣ
ΚΩΝΣΤΑΝΤΙΝΟΥΠΟΛΙΣ, 10.— Τούρκος κατάδικος διέφυγεν από τις φυλακάς παριστάνων τον ζωγράφον.
ΟΛΛΑΝΔΟΣ ΥΠΟΥΡΓΟΣ ΕΙΣ ΤΟ ΛΕΝΙΝΓΚΡΑΝΤ
ΜΟΣΧΑ, 10. (Ρώυτερ).— Ο Ολλανδός υπουργός Εξωτερικών κ. Λουνς επεσκέφθη σήμερον το Λένινγκραντ.
ΜΕΤΑΣΤΕΓΑΖΟΝΤΑΙ ΥΠΗΡΕΣΙΑΙ ΤΗΣ ΠΟΛΙΤΙΚΗΣ ΑΕΡΟΠΟΡΙΑΣ
ΑΘΗΝΑΙ, 10.— Αι υπηρεσίαι της Πολιτικής Αεροπορίας θά μεταστεγασθούν εις το νέον κτίριον εις το Ελληνικόν.
